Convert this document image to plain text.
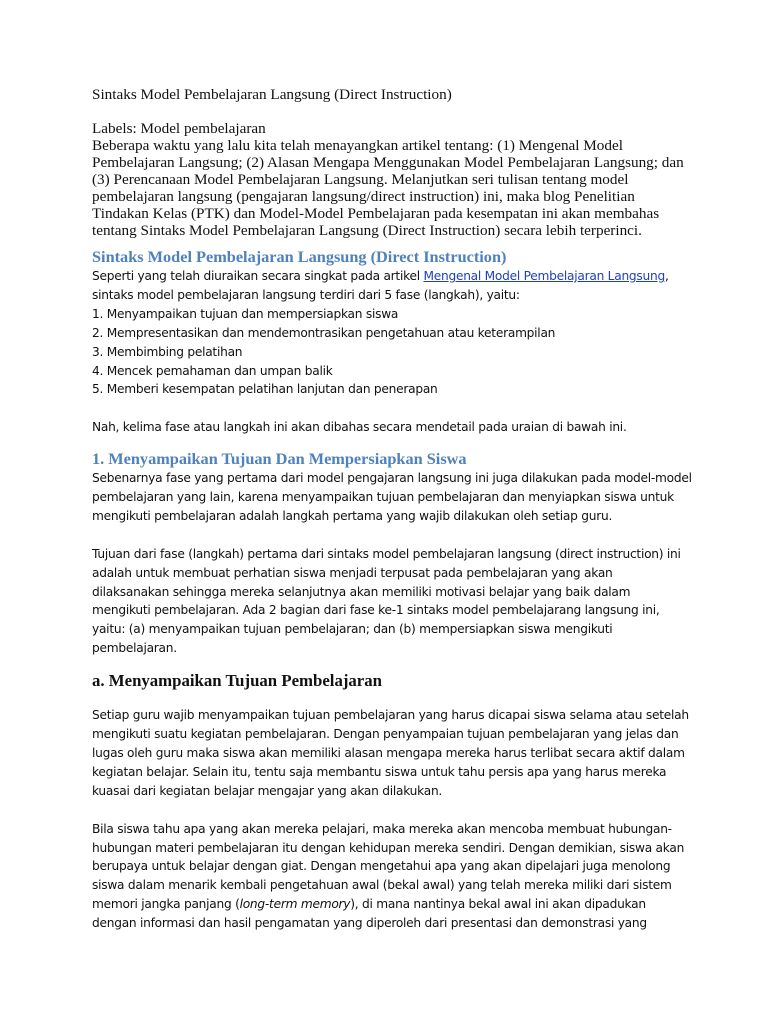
Sintaks Model Pembelajaran Langsung (Direct Instruction)

Labels: Model pembelajaran

Beberapa waktu yang lalu kita telah menayangkan artikel tentang: (1) Mengenal Model Pembelajaran Langsung; (2) Alasan Mengapa Menggunakan Model Pembelajaran Langsung; dan (3) Perencanaan Model Pembelajaran Langsung. Melanjutkan seri tulisan tentang model pembelajaran langsung (pengajaran langsung/direct instruction) ini, maka blog Penelitian Tindakan Kelas (PTK) dan Model-Model Pembelajaran pada kesempatan ini akan membahas tentang Sintaks Model Pembelajaran Langsung (Direct Instruction) secara lebih terperinci.

Sintaks Model Pembelajaran Langsung (Direct Instruction)

Seperti yang telah diuraikan secara singkat pada artikel Mengenal Model Pembelajaran Langsung, sintaks model pembelajaran langsung terdiri dari 5 fase (langkah), yaitu:

1. Menyampaikan tujuan dan mempersiapkan siswa
2. Mempresentasikan dan mendemontrasikan pengetahuan atau keterampilan
3. Membimbing pelatihan
4. Mencek pemahaman dan umpan balik
5. Memberi kesempatan pelatihan lanjutan dan penerapan

Nah, kelima fase atau langkah ini akan dibahas secara mendetail pada uraian di bawah ini.

1. Menyampaikan Tujuan Dan Mempersiapkan Siswa

Sebenarnya fase yang pertama dari model pengajaran langsung ini juga dilakukan pada model-model pembelajaran yang lain, karena menyampaikan tujuan pembelajaran dan menyiapkan siswa untuk mengikuti pembelajaran adalah langkah pertama yang wajib dilakukan oleh setiap guru.

Tujuan dari fase (langkah) pertama dari sintaks model pembelajaran langsung (direct instruction) ini adalah untuk membuat perhatian siswa menjadi terpusat pada pembelajaran yang akan dilaksanakan sehingga mereka selanjutnya akan memiliki motivasi belajar yang baik dalam mengikuti pembelajaran. Ada 2 bagian dari fase ke-1 sintaks model pembelajarang langsung ini, yaitu: (a) menyampaikan tujuan pembelajaran; dan (b) mempersiapkan siswa mengikuti pembelajaran.

a. Menyampaikan Tujuan Pembelajaran

Setiap guru wajib menyampaikan tujuan pembelajaran yang harus dicapai siswa selama atau setelah mengikuti suatu kegiatan pembelajaran. Dengan penyampaian tujuan pembelajaran yang jelas dan lugas oleh guru maka siswa akan memiliki alasan mengapa mereka harus terlibat secara aktif dalam kegiatan belajar. Selain itu, tentu saja membantu siswa untuk tahu persis apa yang harus mereka kuasai dari kegiatan belajar mengajar yang akan dilakukan.

Bila siswa tahu apa yang akan mereka pelajari, maka mereka akan mencoba membuat hubungan-hubungan materi pembelajaran itu dengan kehidupan mereka sendiri. Dengan demikian, siswa akan berupaya untuk belajar dengan giat. Dengan mengetahui apa yang akan dipelajari juga menolong siswa dalam menarik kembali pengetahuan awal (bekal awal) yang telah mereka miliki dari sistem memori jangka panjang (long-term memory), di mana nantinya bekal awal ini akan dipadukan dengan informasi dan hasil pengamatan yang diperoleh dari presentasi dan demonstrasi yang
